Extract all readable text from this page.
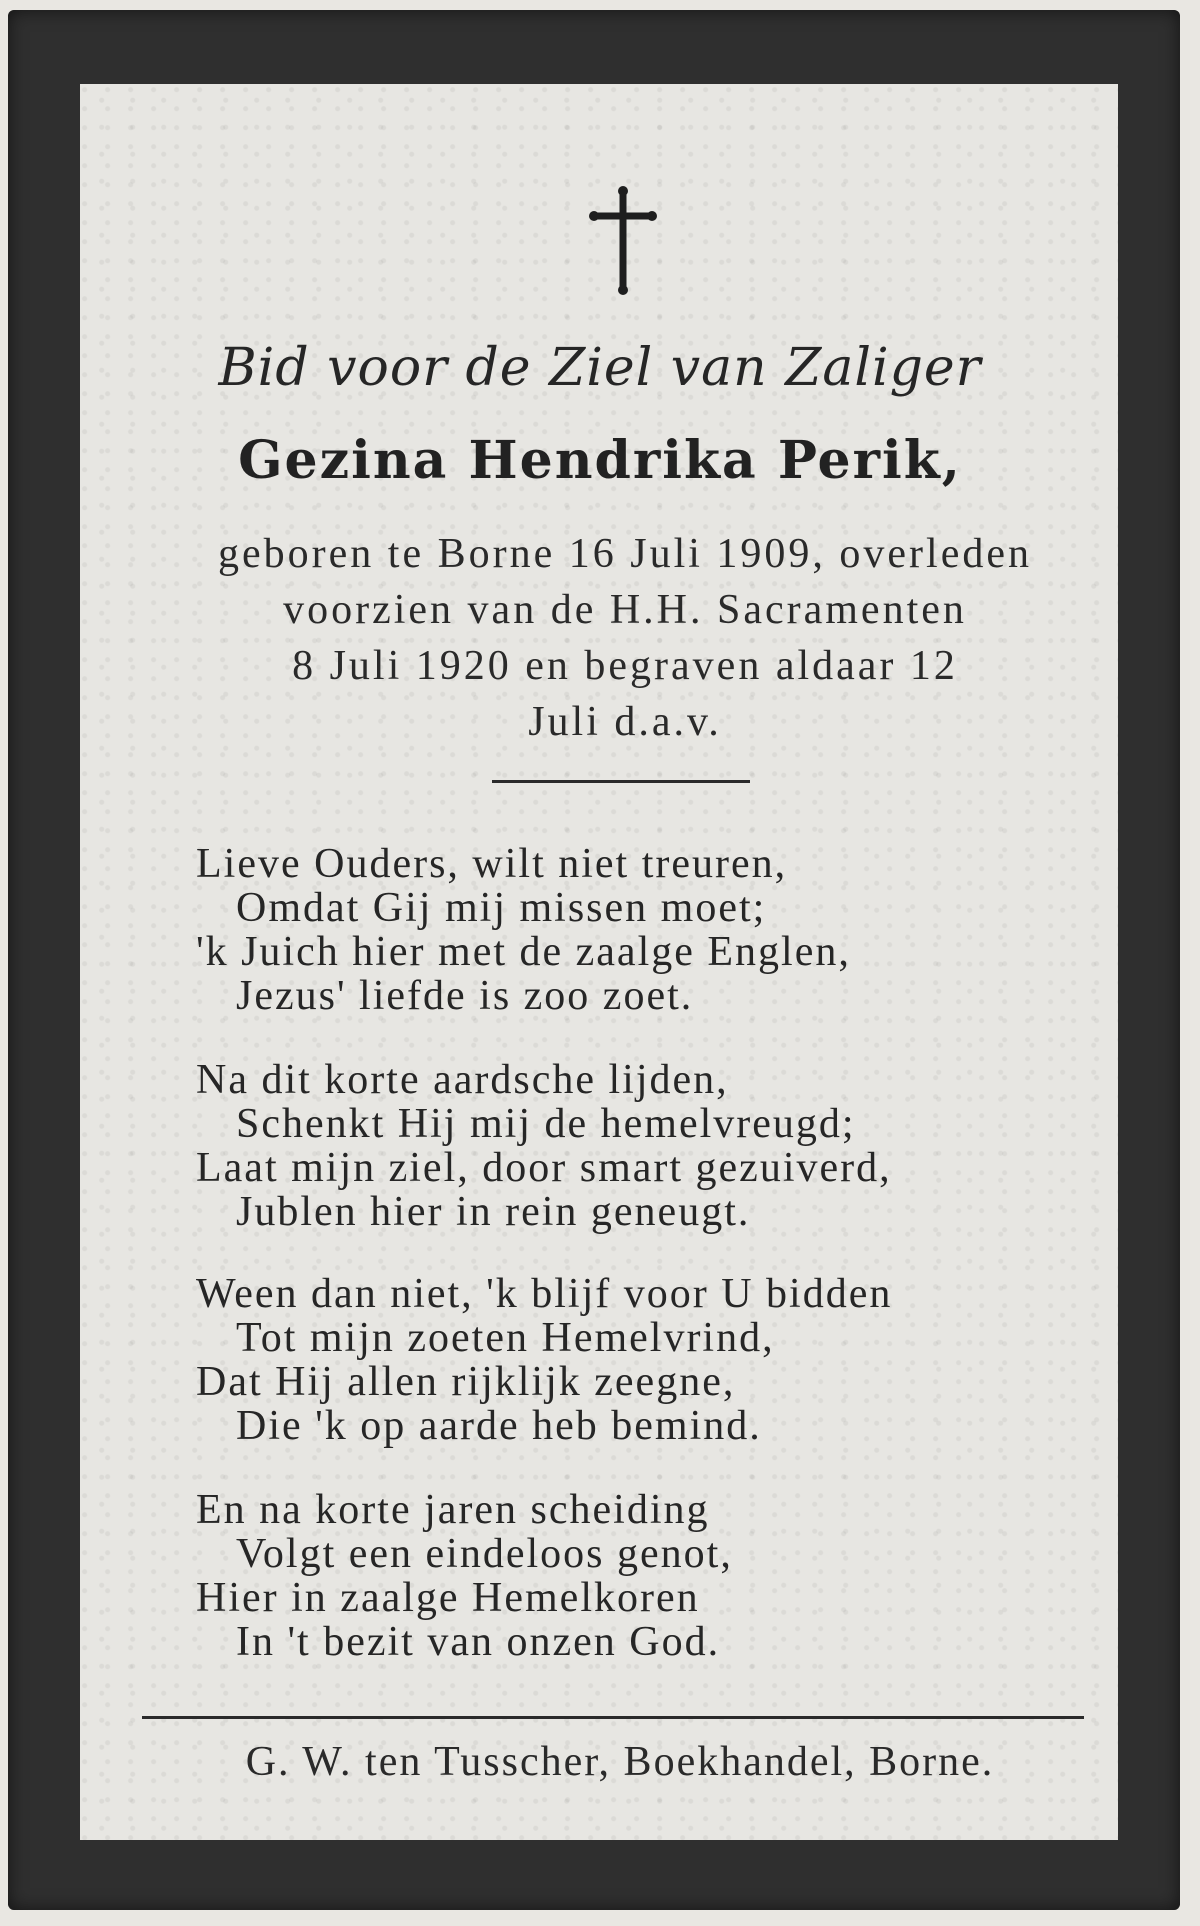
Bid voor de Ziel van Zaliger
Gezina Hendrika Perik,
geboren te Borne 16 Juli 1909, overleden
voorzien van de H.H. Sacramenten
8 Juli 1920 en begraven aldaar 12
Juli d.a.v.
Lieve Ouders, wilt niet treuren,
Omdat Gij mij missen moet;
'k Juich hier met de zaalge Englen,
Jezus' liefde is zoo zoet.
Na dit korte aardsche lijden,
Schenkt Hij mij de hemelvreugd;
Laat mijn ziel, door smart gezuiverd,
Jublen hier in rein geneugt.
Ween dan niet, 'k blijf voor U bidden
Tot mijn zoeten Hemelvrind,
Dat Hij allen rijklijk zeegne,
Die 'k op aarde heb bemind.
En na korte jaren scheiding
Volgt een eindeloos genot,
Hier in zaalge Hemelkoren
In 't bezit van onzen God.
G. W. ten Tusscher, Boekhandel, Borne.
